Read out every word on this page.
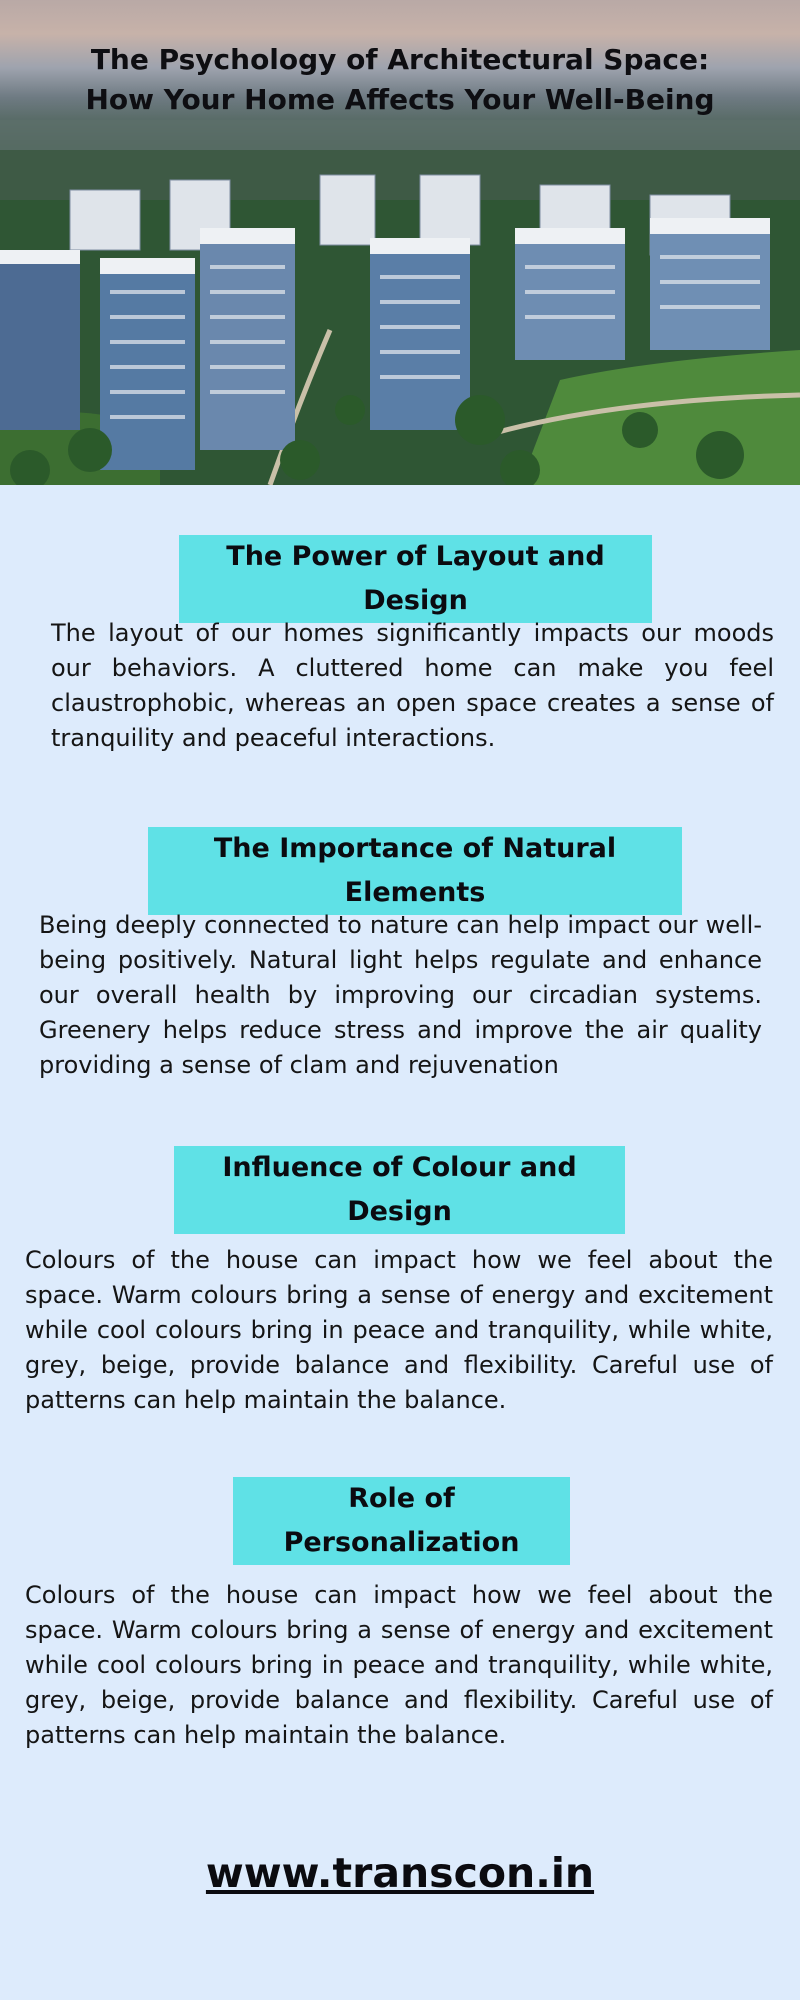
The Psychology of Architectural Space:
How Your Home Affects Your Well-Being
The Power of Layout and Design

The layout of our homes significantly impacts our moods our behaviors. A cluttered home can make you feel claustrophobic, whereas an open space creates a sense of tranquility and peaceful interactions.

The Importance of Natural Elements

Being deeply connected to nature can help impact our well-being positively. Natural light helps regulate and enhance our overall health by improving our circadian systems. Greenery helps reduce stress and improve the air quality providing a sense of clam and rejuvenation

Influence of Colour and Design

Colours of the house can impact how we feel about the space. Warm colours bring a sense of energy and excitement while cool colours bring in peace and tranquility, while white, grey, beige, provide balance and flexibility. Careful use of patterns can help maintain the balance.

Role of Personalization

Colours of the house can impact how we feel about the space. Warm colours bring a sense of energy and excitement while cool colours bring in peace and tranquility, while white, grey, beige, provide balance and flexibility. Careful use of patterns can help maintain the balance.

www.transcon.in
